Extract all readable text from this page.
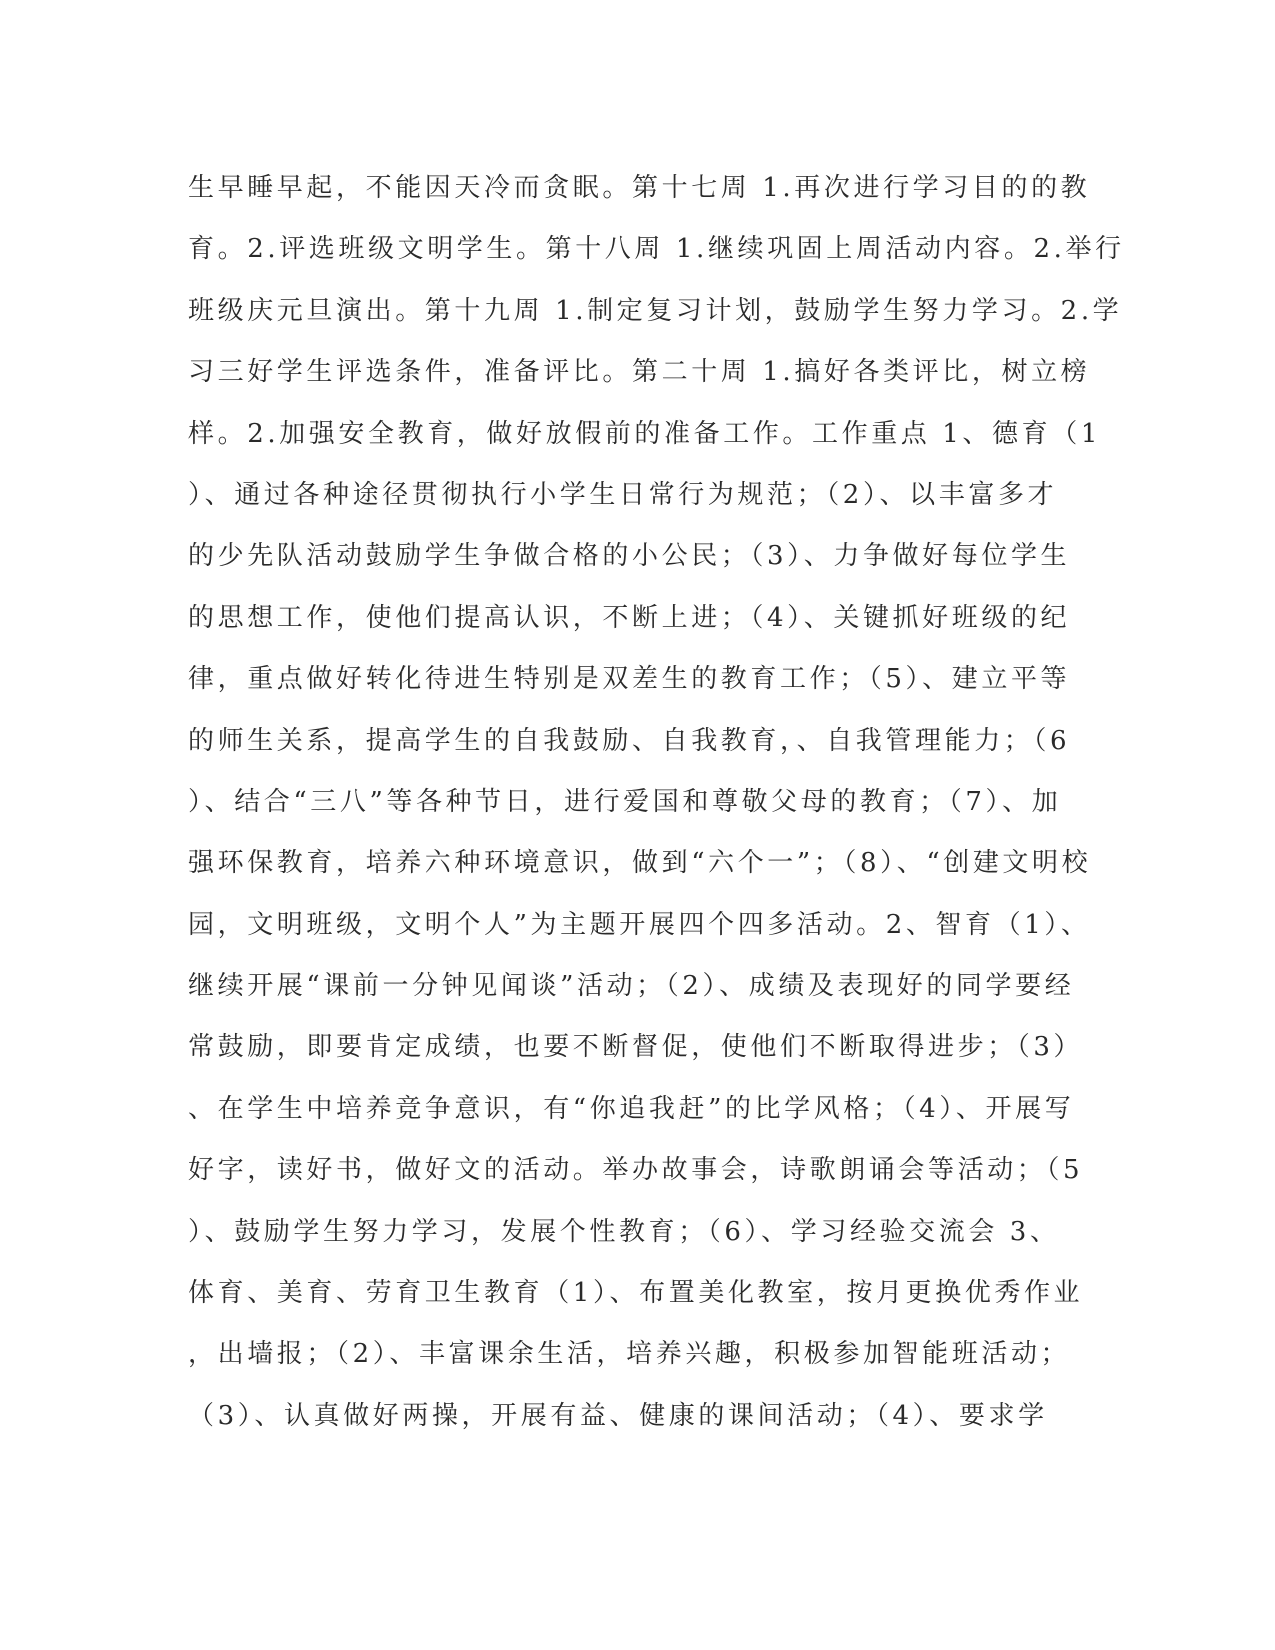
生早睡早起，不能因天冷而贪眠。第十七周 1.再次进行学习目的的教
育。2.评选班级文明学生。第十八周 1.继续巩固上周活动内容。2.举行
班级庆元旦演出。第十九周 1.制定复习计划，鼓励学生努力学习。2.学
习三好学生评选条件，准备评比。第二十周 1.搞好各类评比，树立榜
样。2.加强安全教育，做好放假前的准备工作。工作重点 1、德育（1
）、通过各种途径贯彻执行小学生日常行为规范；（2）、以丰富多才
的少先队活动鼓励学生争做合格的小公民；（3）、力争做好每位学生
的思想工作，使他们提高认识，不断上进；（4）、关键抓好班级的纪
律，重点做好转化待进生特别是双差生的教育工作；（5）、建立平等
的师生关系，提高学生的自我鼓励、自我教育，、自我管理能力；（6
）、结合“三八”等各种节日，进行爱国和尊敬父母的教育；（7）、加
强环保教育，培养六种环境意识，做到“六个一”；（8）、“创建文明校
园，文明班级，文明个人”为主题开展四个四多活动。2、智育（1）、
继续开展“课前一分钟见闻谈”活动；（2）、成绩及表现好的同学要经
常鼓励，即要肯定成绩，也要不断督促，使他们不断取得进步；（3）
、在学生中培养竞争意识，有“你追我赶”的比学风格；（4）、开展写
好字，读好书，做好文的活动。举办故事会，诗歌朗诵会等活动；（5
）、鼓励学生努力学习，发展个性教育；（6）、学习经验交流会 3、
体育、美育、劳育卫生教育（1）、布置美化教室，按月更换优秀作业
，出墙报；（2）、丰富课余生活，培养兴趣，积极参加智能班活动；
（3）、认真做好两操，开展有益、健康的课间活动；（4）、要求学
